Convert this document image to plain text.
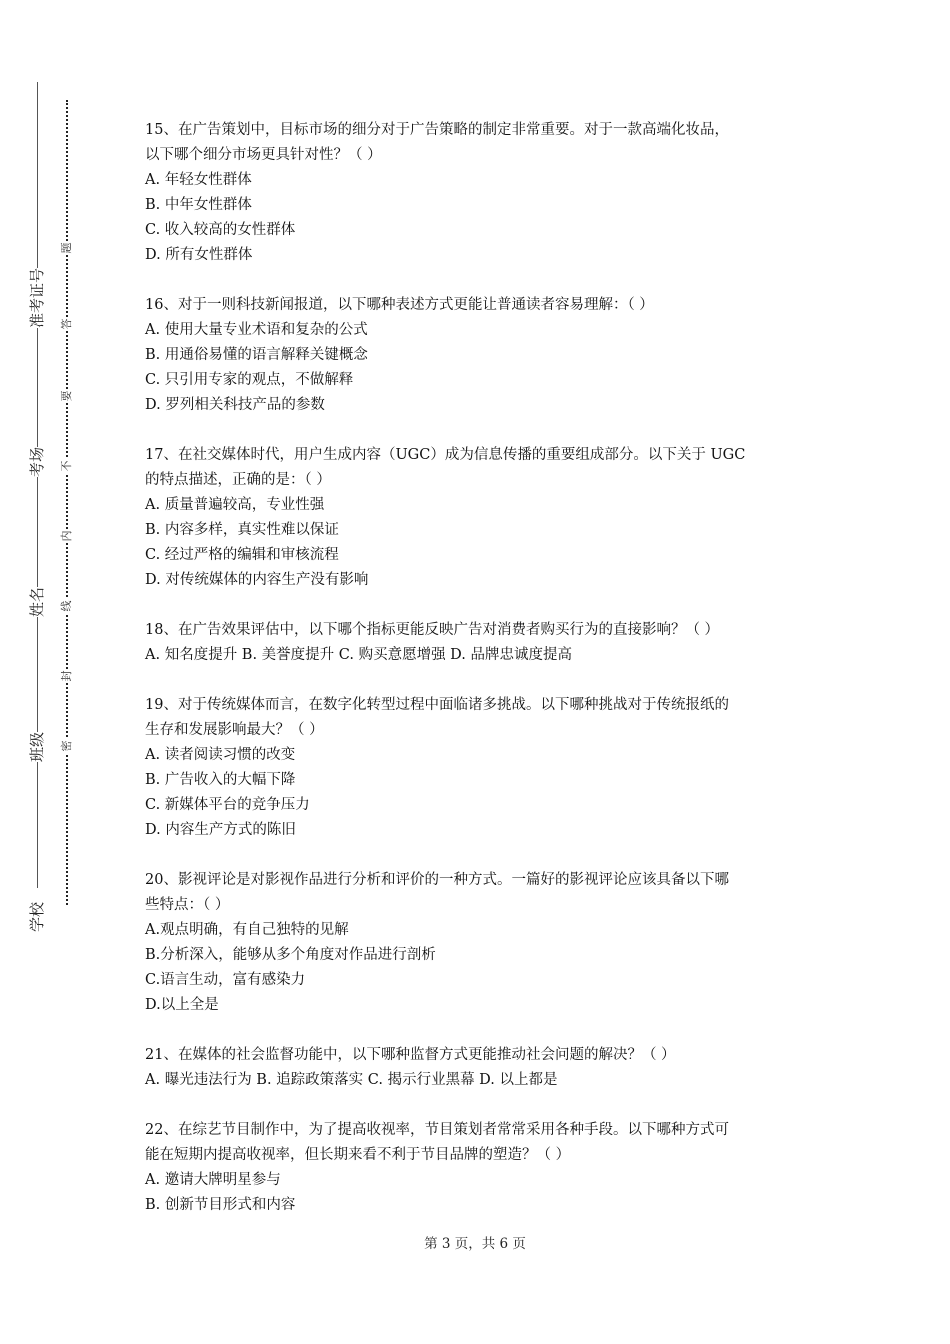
准考证号
考场
姓名
班级
学校
题
答
要
不
内
线
封
密

15、在广告策划中，目标市场的细分对于广告策略的制定非常重要。对于一款高端化妆品，

以下哪个细分市场更具针对性？（ ）

A. 年轻女性群体

B. 中年女性群体

C. 收入较高的女性群体

D. 所有女性群体

16、对于一则科技新闻报道，以下哪种表述方式更能让普通读者容易理解：（ ）

A. 使用大量专业术语和复杂的公式

B. 用通俗易懂的语言解释关键概念

C. 只引用专家的观点，不做解释

D. 罗列相关科技产品的参数

17、在社交媒体时代，用户生成内容（UGC）成为信息传播的重要组成部分。以下关于 UGC

的特点描述，正确的是：（ ）

A. 质量普遍较高，专业性强

B. 内容多样，真实性难以保证

C. 经过严格的编辑和审核流程

D. 对传统媒体的内容生产没有影响

18、在广告效果评估中，以下哪个指标更能反映广告对消费者购买行为的直接影响？（ ）

A. 知名度提升 B. 美誉度提升 C. 购买意愿增强 D. 品牌忠诚度提高

19、对于传统媒体而言，在数字化转型过程中面临诸多挑战。以下哪种挑战对于传统报纸的

生存和发展影响最大？（ ）

A. 读者阅读习惯的改变

B. 广告收入的大幅下降

C. 新媒体平台的竞争压力

D. 内容生产方式的陈旧

20、影视评论是对影视作品进行分析和评价的一种方式。一篇好的影视评论应该具备以下哪

些特点：（ ）

A.观点明确，有自己独特的见解

B.分析深入，能够从多个角度对作品进行剖析

C.语言生动，富有感染力

D.以上全是

21、在媒体的社会监督功能中，以下哪种监督方式更能推动社会问题的解决？（ ）

A. 曝光违法行为 B. 追踪政策落实 C. 揭示行业黑幕 D. 以上都是

22、在综艺节目制作中，为了提高收视率，节目策划者常常采用各种手段。以下哪种方式可

能在短期内提高收视率，但长期来看不利于节目品牌的塑造？（ ）

A. 邀请大牌明星参与

B. 创新节目形式和内容

第 3 页，共 6 页
